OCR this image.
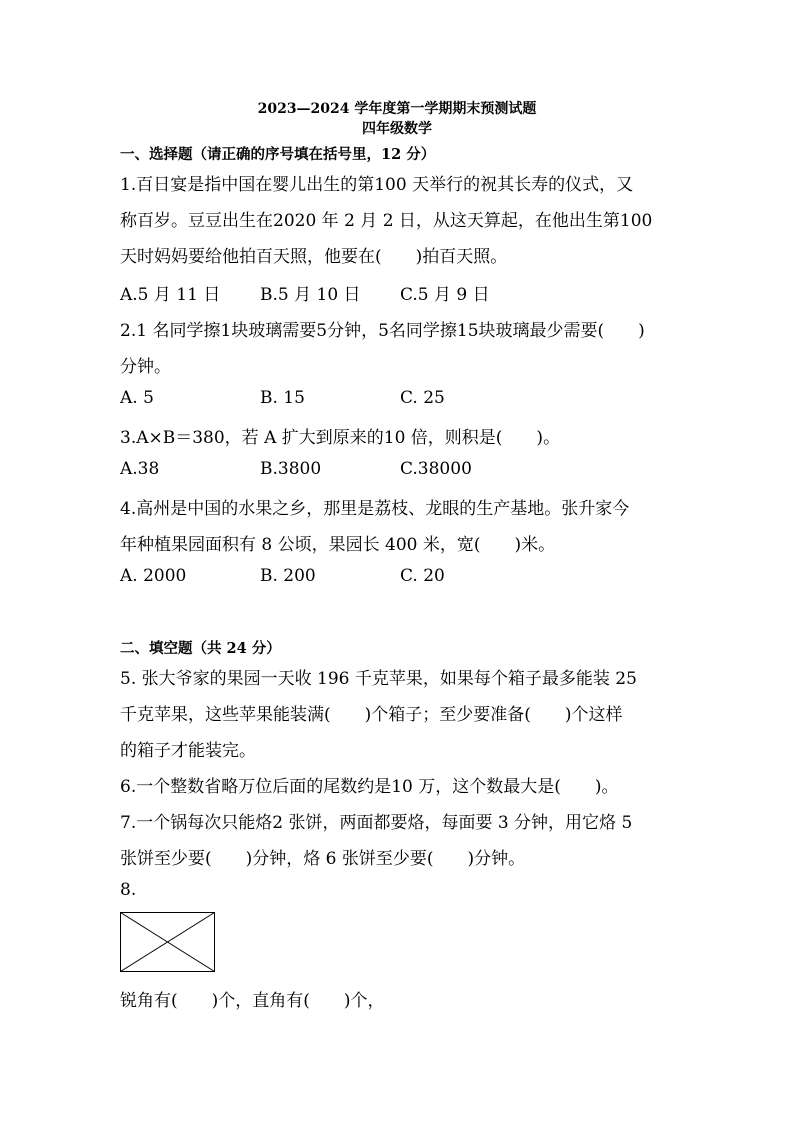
2023—2024 学年度第一学期期末预测试题
四年级数学
一、选择题（请正确的序号填在括号里，12 分）
1.百日宴是指中国在婴儿出生的第100 天举行的祝其长寿的仪式，又
称百岁。豆豆出生在2020 年 2 月 2 日，从这天算起，在他出生第100
天时妈妈要给他拍百天照，他要在(　　)拍百天照。
A.5 月 11 日 B.5 月 10 日 C.5 月 9 日
2.1 名同学擦1块玻璃需要5分钟，5名同学擦15块玻璃最少需要(　　)
分钟。
A. 5	B. 15	C. 25
3.A×B＝380，若 A 扩大到原来的10 倍，则积是(　　)。
A.38	B.3800	C.38000
4.高州是中国的水果之乡，那里是荔枝、龙眼的生产基地。张升家今
年种植果园面积有 8 公顷，果园长 400 米，宽(　　)米。
A. 2000	B. 200	C. 20
二、填空题（共 24 分）
5. 张大爷家的果园一天收 196 千克苹果，如果每个箱子最多能装 25
千克苹果，这些苹果能装满(　　)个箱子；至少要准备(　　)个这样
的箱子才能装完。
6.一个整数省略万位后面的尾数约是10 万，这个数最大是(　　)。
7.一个锅每次只能烙2 张饼，两面都要烙，每面要 3 分钟，用它烙 5
张饼至少要(　　)分钟，烙 6 张饼至少要(　　)分钟。
8.
锐角有(　　)个，直角有(　　)个，
